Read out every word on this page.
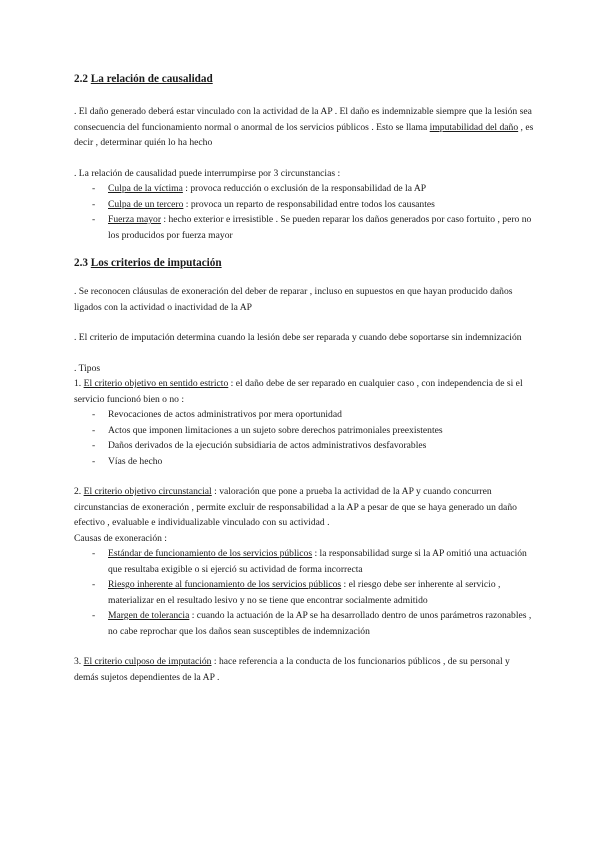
2.2 La relación de causalidad

. El daño generado deberá estar vinculado con la actividad de la AP . El daño es indemnizable siempre que la lesión sea consecuencia del funcionamiento normal o anormal de los servicios públicos . Esto se llama imputabilidad del daño , es decir , determinar quién lo ha hecho

. La relación de causalidad puede interrumpirse por 3 circunstancias :

- Culpa de la víctima : provoca reducción o exclusión de la responsabilidad de la AP
- Culpa de un tercero : provoca un reparto de responsabilidad entre todos los causantes
- Fuerza mayor : hecho exterior e irresistible . Se pueden reparar los daños generados por caso fortuito , pero no los producidos por fuerza mayor
2.3 Los criterios de imputación

. Se reconocen cláusulas de exoneración del deber de reparar , incluso en supuestos en que hayan producido daños ligados con la actividad o inactividad de la AP

. El criterio de imputación determina cuando la lesión debe ser reparada y cuando debe soportarse sin indemnización

. Tipos

1. El criterio objetivo en sentido estricto : el daño debe de ser reparado en cualquier caso , con independencia de si el servicio funcionó bien o no :

- Revocaciones de actos administrativos por mera oportunidad
- Actos que imponen limitaciones a un sujeto sobre derechos patrimoniales preexistentes
- Daños derivados de la ejecución subsidiaria de actos administrativos desfavorables
- Vías de hecho

2. El criterio objetivo circunstancial : valoración que pone a prueba la actividad de la AP y cuando concurren circunstancias de exoneración , permite excluir de responsabilidad a la AP a pesar de que se haya generado un daño efectivo , evaluable e individualizable vinculado con su actividad .

Causas de exoneración :

- Estándar de funcionamiento de los servicios públicos : la responsabilidad surge si la AP omitió una actuación que resultaba exigible o si ejerció su actividad de forma incorrecta
- Riesgo inherente al funcionamiento de los servicios públicos : el riesgo debe ser inherente al servicio , materializar en el resultado lesivo y no se tiene que encontrar socialmente admitido
- Margen de tolerancia : cuando la actuación de la AP se ha desarrollado dentro de unos parámetros razonables , no cabe reprochar que los daños sean susceptibles de indemnización

3. El criterio culposo de imputación : hace referencia a la conducta de los funcionarios públicos , de su personal y demás sujetos dependientes de la AP .
